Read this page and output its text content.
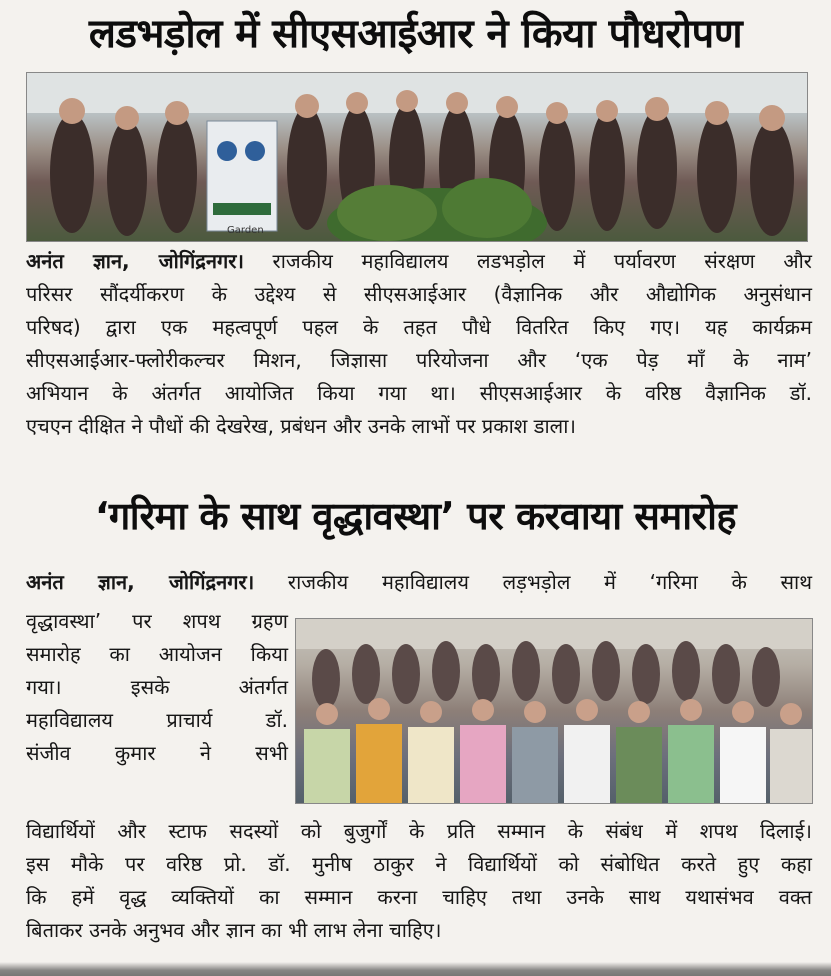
लडभड़ोल में सीएसआईआर ने किया पौधरोपण
Garden
अनंत ज्ञान, जोगिंद्रनगर। राजकीय महाविद्यालय लडभड़ोल में पर्यावरण संरक्षण और
परिसर सौंदर्यीकरण के उद्देश्य से सीएसआईआर (वैज्ञानिक और औद्योगिक अनुसंधान
परिषद) द्वारा एक महत्वपूर्ण पहल के तहत पौधे वितरित किए गए। यह कार्यक्रम
सीएसआईआर-फ्लोरीकल्चर मिशन, जिज्ञासा परियोजना और ‘एक पेड़ माँ के नाम’
अभियान के अंतर्गत आयोजित किया गया था। सीएसआईआर के वरिष्ठ वैज्ञानिक डॉ.
एचएन दीक्षित ने पौधों की देखरेख, प्रबंधन और उनके लाभों पर प्रकाश डाला।
‘गरिमा के साथ वृद्धावस्था’ पर करवाया समारोह
अनंत ज्ञान, जोगिंद्रनगर। राजकीय महाविद्यालय लड़भड़ोल में ‘गरिमा के साथ
वृद्धावस्था’ पर शपथ ग्रहण
समारोह का आयोजन किया
गया। इसके अंतर्गत
महाविद्यालय प्राचार्य डॉ.
संजीव कुमार ने सभी
विद्यार्थियों और स्टाफ सदस्यों को बुजुर्गों के प्रति सम्मान के संबंध में शपथ दिलाई।
इस मौके पर वरिष्ठ प्रो. डॉ. मुनीष ठाकुर ने विद्यार्थियों को संबोधित करते हुए कहा
कि हमें वृद्ध व्यक्तियों का सम्मान करना चाहिए तथा उनके साथ यथासंभव वक्त
बिताकर उनके अनुभव और ज्ञान का भी लाभ लेना चाहिए।
